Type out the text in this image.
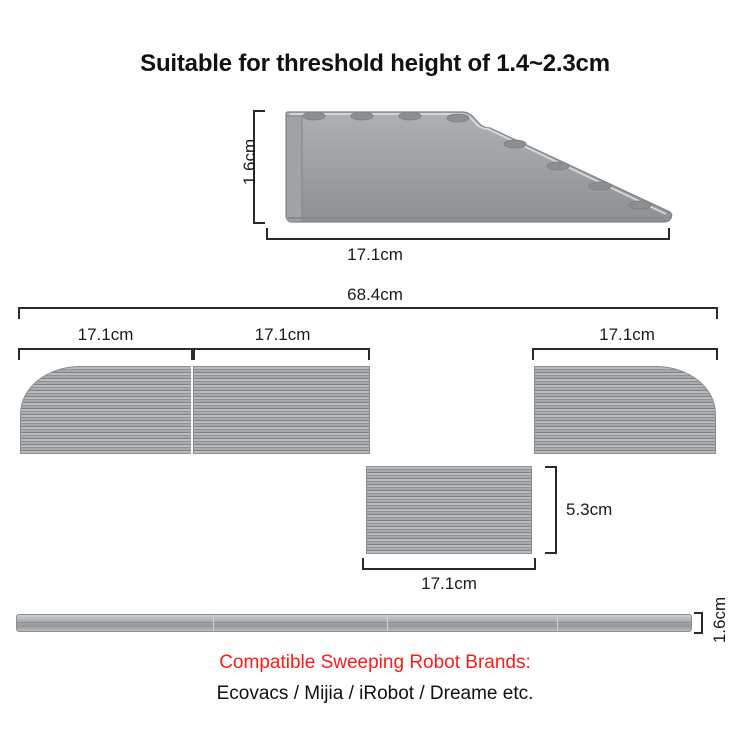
Suitable for threshold height of 1.4~2.3cm
1.6cm
17.1cm
68.4cm
17.1cm	17.1cm	17.1cm
5.3cm
17.1cm
1.6cm
Compatible Sweeping Robot Brands:
Ecovacs / Mijia / iRobot / Dreame etc.
